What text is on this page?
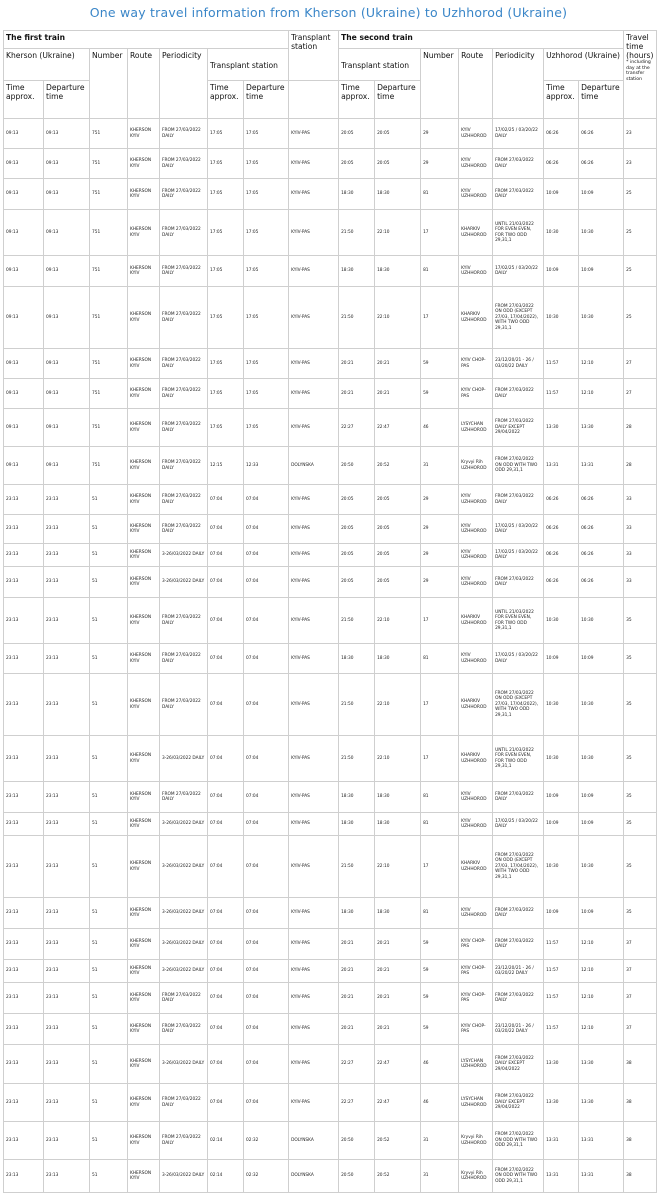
One way travel information from Kherson (Ukraine) to Uzhhorod (Ukraine)
The first train							Transplant station	The second train							Travel time (hours)
* including day at the transfer station

Kherson (Ukraine)		Number	Route	Periodicity	Transplant station			Transplant station		Number	Route	Periodicity	Uzhhorod (Ukraine)		
Time approx.	Departure time				Time approx.	Departure time		Time approx.	Departure time				Time approx.	Departure time	
09:13	09:13	751	KHERSON KYIV	FROM 27/03/2022 DAILY	17:05	17:05	KYIV-PAS	20:05	20:05	29	KYIV UZHHOROD	17/02/25 / 03/20/22 DAILY	06:26	06:26	23
09:13	09:13	751	KHERSON KYIV	FROM 27/03/2022 DAILY	17:05	17:05	KYIV-PAS	20:05	20:05	29	KYIV UZHHOROD	FROM 27/03/2022 DAILY	06:26	06:26	23
09:13	09:13	751	KHERSON KYIV	FROM 27/03/2022 DAILY	17:05	17:05	KYIV-PAS	18:30	18:30	81	KYIV UZHHOROD	FROM 27/03/2022 DAILY	10:09	10:09	25
09:13	09:13	751	KHERSON KYIV	FROM 27/03/2022 DAILY	17:05	17:05	KYIV-PAS	21:50	22:10	17	KHARKIV UZHHOROD	UNTIL 21/03/2022 FOR EVEN EVEN, FOR TWO ODD 29,31,1	10:30	10:30	25
09:13	09:13	751	KHERSON KYIV	FROM 27/03/2022 DAILY	17:05	17:05	KYIV-PAS	18:30	18:30	81	KYIV UZHHOROD	17/02/25 / 03/20/22 DAILY	10:09	10:09	25
09:13	09:13	751	KHERSON KYIV	FROM 27/03/2022 DAILY	17:05	17:05	KYIV-PAS	21:50	22:10	17	KHARKIV UZHHOROD	FROM 27/03/2022 ON ODD (EXCEPT 27/03, 17/04/2022), WITH TWO ODD 29,31,1	10:30	10:30	25
09:13	09:13	751	KHERSON KYIV	FROM 27/03/2022 DAILY	17:05	17:05	KYIV-PAS	20:21	20:21	59	KYIV CHOP-PAS	23/12/20/21 - 26 / 03/20/22 DAILY	11:57	12:10	27
09:13	09:13	751	KHERSON KYIV	FROM 27/03/2022 DAILY	17:05	17:05	KYIV-PAS	20:21	20:21	59	KYIV CHOP-PAS	FROM 27/03/2022 DAILY	11:57	12:10	27
09:13	09:13	751	KHERSON KYIV	FROM 27/03/2022 DAILY	17:05	17:05	KYIV-PAS	22:27	22:47	46	LYSYCHAN UZHHOROD	FROM 27/03/2022 DAILY EXCEPT 29/04/2022	13:30	13:30	28
09:13	09:13	751	KHERSON KYIV	FROM 27/03/2022 DAILY	12:15	12:33	DOLYNSKA	20:50	20:52	31	Kryvyi Rih UZHHOROD	FROM 27/02/2022 ON ODD WITH TWO ODD 29,31,1	13:31	13:31	28
23:13	23:13	51	KHERSON KYIV	FROM 27/03/2022 DAILY	07:04	07:04	KYIV-PAS	20:05	20:05	29	KYIV UZHHOROD	FROM 27/03/2022 DAILY	06:26	06:26	33
23:13	23:13	51	KHERSON KYIV	FROM 27/03/2022 DAILY	07:04	07:04	KYIV-PAS	20:05	20:05	29	KYIV UZHHOROD	17/02/25 / 03/20/22 DAILY	06:26	06:26	33
23:13	23:13	51	KHERSON KYIV	3-26/03/2022 DAILY	07:04	07:04	KYIV-PAS	20:05	20:05	29	KYIV UZHHOROD	17/02/25 / 03/20/22 DAILY	06:26	06:26	33
23:13	23:13	51	KHERSON KYIV	3-26/03/2022 DAILY	07:04	07:04	KYIV-PAS	20:05	20:05	29	KYIV UZHHOROD	FROM 27/03/2022 DAILY	06:26	06:26	33
23:13	23:13	51	KHERSON KYIV	FROM 27/03/2022 DAILY	07:04	07:04	KYIV-PAS	21:50	22:10	17	KHARKIV UZHHOROD	UNTIL 21/03/2022 FOR EVEN EVEN, FOR TWO ODD 29,31,1	10:30	10:30	35
23:13	23:13	51	KHERSON KYIV	FROM 27/03/2022 DAILY	07:04	07:04	KYIV-PAS	18:30	18:30	81	KYIV UZHHOROD	17/02/25 / 03/20/22 DAILY	10:09	10:09	35
23:13	23:13	51	KHERSON KYIV	FROM 27/03/2022 DAILY	07:04	07:04	KYIV-PAS	21:50	22:10	17	KHARKIV UZHHOROD	FROM 27/03/2022 ON ODD (EXCEPT 27/03, 17/04/2022), WITH TWO ODD 29,31,1	10:30	10:30	35
23:13	23:13	51	KHERSON KYIV	3-26/03/2022 DAILY	07:04	07:04	KYIV-PAS	21:50	22:10	17	KHARKIV UZHHOROD	UNTIL 21/03/2022 FOR EVEN EVEN, FOR TWO ODD 29,31,1	10:30	10:30	35
23:13	23:13	51	KHERSON KYIV	FROM 27/03/2022 DAILY	07:04	07:04	KYIV-PAS	18:30	18:30	81	KYIV UZHHOROD	FROM 27/03/2022 DAILY	10:09	10:09	35
23:13	23:13	51	KHERSON KYIV	3-26/03/2022 DAILY	07:04	07:04	KYIV-PAS	18:30	18:30	81	KYIV UZHHOROD	17/02/25 / 03/20/22 DAILY	10:09	10:09	35
23:13	23:13	51	KHERSON KYIV	3-26/03/2022 DAILY	07:04	07:04	KYIV-PAS	21:50	22:10	17	KHARKIV UZHHOROD	FROM 27/03/2022 ON ODD (EXCEPT 27/03, 17/04/2022), WITH TWO ODD 29,31,1	10:30	10:30	35
23:13	23:13	51	KHERSON KYIV	3-26/03/2022 DAILY	07:04	07:04	KYIV-PAS	18:30	18:30	81	KYIV UZHHOROD	FROM 27/03/2022 DAILY	10:09	10:09	35
23:13	23:13	51	KHERSON KYIV	3-26/03/2022 DAILY	07:04	07:04	KYIV-PAS	20:21	20:21	59	KYIV CHOP-PAS	FROM 27/03/2022 DAILY	11:57	12:10	37
23:13	23:13	51	KHERSON KYIV	3-26/03/2022 DAILY	07:04	07:04	KYIV-PAS	20:21	20:21	59	KYIV CHOP-PAS	23/12/20/21 - 26 / 03/20/22 DAILY	11:57	12:10	37
23:13	23:13	51	KHERSON KYIV	FROM 27/03/2022 DAILY	07:04	07:04	KYIV-PAS	20:21	20:21	59	KYIV CHOP-PAS	FROM 27/03/2022 DAILY	11:57	12:10	37
23:13	23:13	51	KHERSON KYIV	FROM 27/03/2022 DAILY	07:04	07:04	KYIV-PAS	20:21	20:21	59	KYIV CHOP-PAS	23/12/20/21 - 26 / 03/20/22 DAILY	11:57	12:10	37
23:13	23:13	51	KHERSON KYIV	3-26/03/2022 DAILY	07:04	07:04	KYIV-PAS	22:27	22:47	46	LYSYCHAN UZHHOROD	FROM 27/03/2022 DAILY EXCEPT 29/04/2022	13:30	13:30	38
23:13	23:13	51	KHERSON KYIV	FROM 27/03/2022 DAILY	07:04	07:04	KYIV-PAS	22:27	22:47	46	LYSYCHAN UZHHOROD	FROM 27/03/2022 DAILY EXCEPT 29/04/2022	13:30	13:30	38
23:13	23:13	51	KHERSON KYIV	FROM 27/03/2022 DAILY	02:14	02:32	DOLYNSKA	20:50	20:52	31	Kryvyi Rih UZHHOROD	FROM 27/02/2022 ON ODD WITH TWO ODD 29,31,1	13:31	13:31	38
23:13	23:13	51	KHERSON KYIV	3-26/03/2022 DAILY	02:14	02:32	DOLYNSKA	20:50	20:52	31	Kryvyi Rih UZHHOROD	FROM 27/02/2022 ON ODD WITH TWO ODD 29,31,1	13:31	13:31	38
